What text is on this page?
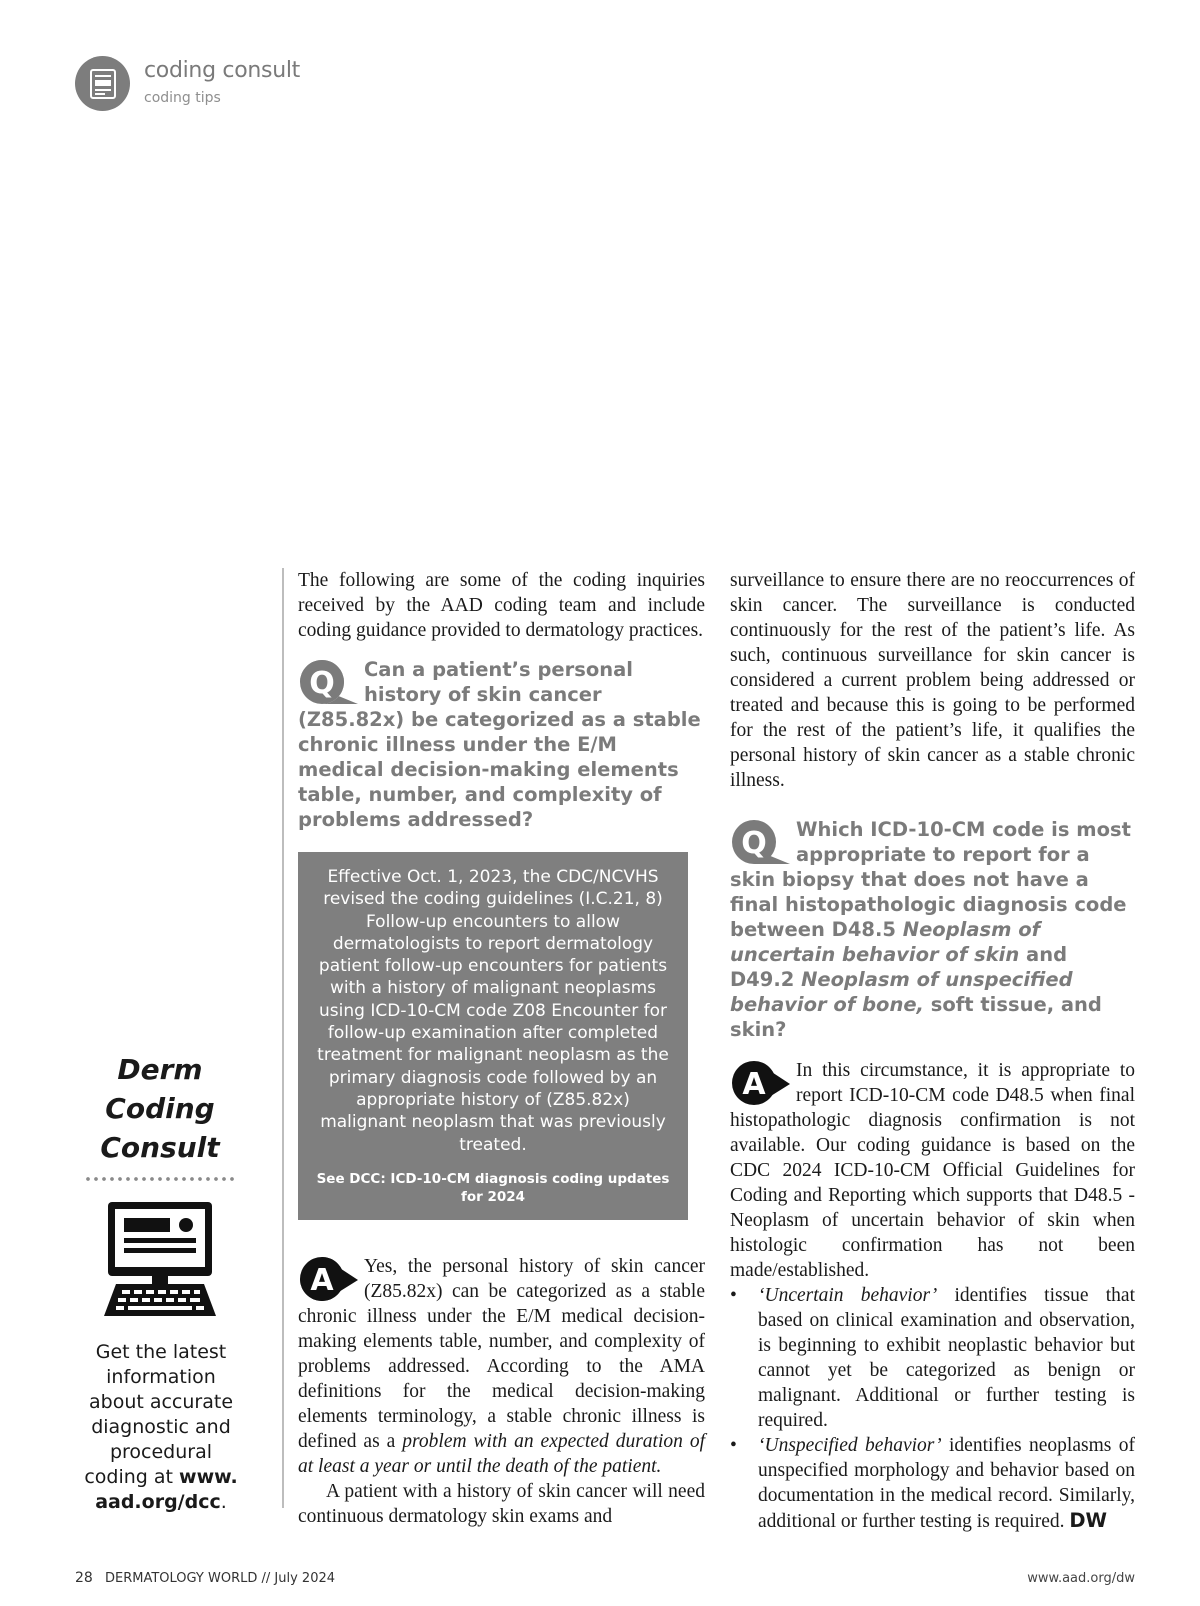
coding consult
coding tips
Derm
Coding
Consult
Get the latest information about accurate diagnostic and procedural coding at www. aad.org/dcc.

The following are some of the coding inquiries received by the AAD coding team and include coding guidance provided to dermatology practices.

Q Can a patient’s personal history of skin cancer (Z85.82x) be categorized as a stable chronic illness under the E/M medical decision-making elements table, number, and complexity of problems addressed?
Effective Oct. 1, 2023, the CDC/NCVHS revised the coding guidelines (I.C.21, 8) Follow-up encounters to allow dermatologists to report dermatology patient follow-up encounters for patients with a history of malignant neoplasms using ICD-10-CM code Z08 Encounter for follow-up examination after completed treatment for malignant neoplasm as the primary diagnosis code followed by an appropriate history of (Z85.82x) malignant neoplasm that was previously treated.
See DCC: ICD-10-CM diagnosis coding updates for 2024
A	Yes, the personal history of skin cancer (Z85.82x) can be categorized as a stable chronic illness under the E/M medical decision-making elements table, number, and complexity of problems addressed. According to the AMA definitions for the medical decision-making elements terminology, a stable chronic illness is defined as a problem with an expected duration of at least a year or until the death of the patient.

A patient with a history of skin cancer will need continuous dermatology skin exams and

surveillance to ensure there are no reoccurrences of skin cancer. The surveillance is conducted continuously for the rest of the patient’s life. As such, continuous surveillance for skin cancer is considered a current problem being addressed or treated and because this is going to be performed for the rest of the patient’s life, it qualifies the personal history of skin cancer as a stable chronic illness.

Q Which ICD-10-CM code is most appropriate to report for a skin biopsy that does not have a final histopathologic diagnosis code between D48.5 Neoplasm of uncertain behavior of skin and D49.2 Neoplasm of unspecified behavior of bone, soft tissue, and skin?
A	In this circumstance, it is appropriate to report ICD-10-CM code D48.5 when final histopathologic diagnosis confirmation is not available. Our coding guidance is based on the CDC 2024 ICD-10-CM Official Guidelines for Coding and Reporting which supports that D48.5 - Neoplasm of uncertain behavior of skin when histologic confirmation has not been made/established.

• ‘Uncertain behavior’ identifies tissue that based on clinical examination and observation, is beginning to exhibit neoplastic behavior but cannot yet be categorized as benign or malignant. Additional or further testing is required.
• ‘Unspecified behavior’ identifies neoplasms of unspecified morphology and behavior based on documentation in the medical record. Similarly, additional or further testing is required. DW
28 DERMATOLOGY WORLD // July 2024	www.aad.org/dw
